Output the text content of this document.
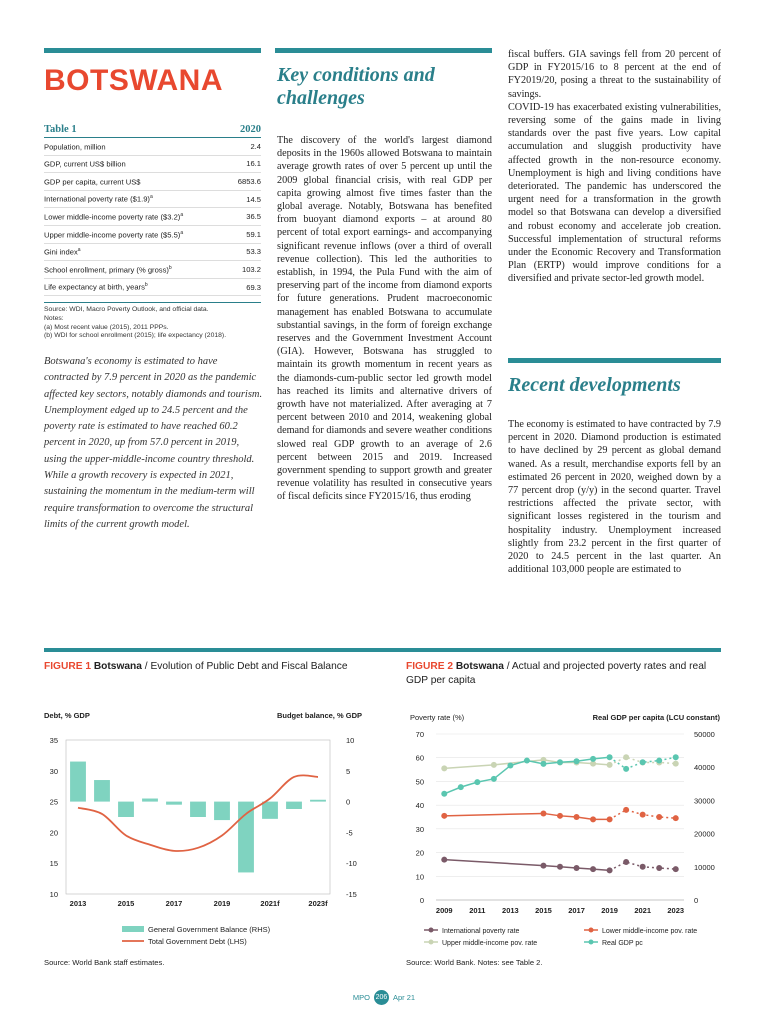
BOTSWANA
Table 1	2020
Population, million	2.4
GDP, current US$ billion	16.1
GDP per capita, current US$	6853.6
International poverty rate ($1.9)$^a$	14.5
Lower middle-income poverty rate ($3.2)$^a$	36.5
Upper middle-income poverty rate ($5.5)$^a$	59.1
Gini index$^a$	53.3
School enrollment, primary (% gross)$^b$	103.2
Life expectancy at birth, years$^b$	69.3
Source: WDI, Macro Poverty Outlook, and official data.
Notes:
(a) Most recent value (2015), 2011 PPPs.
(b) WDI for school enrollment (2015); life expectancy (2018).
Botswana's economy is estimated to have contracted by 7.9 percent in 2020 as the pandemic affected key sectors, notably diamonds and tourism. Unemployment edged up to 24.5 percent and the poverty rate is estimated to have reached 60.2 percent in 2020, up from 57.0 percent in 2019, using the upper-middle-income country threshold. While a growth recovery is expected in 2021, sustaining the momentum in the medium-term will require transformation to overcome the structural limits of the current growth model.
Key conditions and challenges

The discovery of the world's largest diamond deposits in the 1960s allowed Botswana to maintain average growth rates of over 5 percent up until the 2009 global financial crisis, with real GDP per capita growing almost five times faster than the global average. Notably, Botswana has benefited from buoyant diamond exports – at around 80 percent of total export earnings- and accompanying significant revenue inflows (over a third of overall revenue collection). This led the authorities to establish, in 1994, the Pula Fund with the aim of preserving part of the income from diamond exports for future generations. Prudent macroeconomic management has enabled Botswana to accumulate substantial savings, in the form of foreign exchange reserves and the Government Investment Account (GIA). However, Botswana has struggled to maintain its growth momentum in recent years as the diamonds-cum-public sector led growth model has reached its limits and alternative drivers of growth have not materialized. After averaging at 7 percent between 2010 and 2014, weakening global demand for diamonds and severe weather conditions slowed real GDP growth to an average of 2.6 percent between 2015 and 2019. Increased government spending to support growth and greater revenue volatility has resulted in consecutive years of fiscal deficits since FY2015/16, thus eroding

fiscal buffers. GIA savings fell from 20 percent of GDP in FY2015/16 to 8 percent at the end of FY2019/20, posing a threat to the sustainability of savings.

COVID-19 has exacerbated existing vulnerabilities, reversing some of the gains made in living standards over the past five years. Low capital accumulation and sluggish productivity have affected growth in the non-resource economy. Unemployment is high and living conditions have deteriorated. The pandemic has underscored the urgent need for a transformation in the growth model so that Botswana can develop a diversified and robust economy and accelerate job creation. Successful implementation of structural reforms under the Economic Recovery and Transformation Plan (ERTP) would improve conditions for a diversified and private sector-led growth model.

Recent developments

The economy is estimated to have contracted by 7.9 percent in 2020. Diamond production is estimated to have declined by 29 percent as global demand waned. As a result, merchandise exports fell by an estimated 26 percent in 2020, weighed down by a 77 percent drop (y/y) in the second quarter. Travel restrictions affected the private sector, with significant losses registered in the tourism and hospitality industry. Unemployment increased slightly from 23.2 percent in the first quarter of 2020 to 24.5 percent in the last quarter. An additional 103,000 people are estimated to

FIGURE 1 Botswana / Evolution of Public Debt and Fiscal Balance
Debt, % GDP	Budget balance, % GDP
10
15
20
25
30
35
-15
-10
-5
0
5
10
2013	2015	2017	2019	2021f	2023f
General Government Balance (RHS)
Total Government Debt (LHS)
Source: World Bank staff estimates.
FIGURE 2 Botswana / Actual and projected poverty rates and real GDP per capita
Poverty rate (%)	Real GDP per capita (LCU constant)
0
10
20
30
40
50
60
70
0
10000
20000
30000
40000
50000
2009 2011 2013 2015 2017 2019 2021 2023
International poverty rate	Lower middle-income pov. rate
Upper middle-income pov. rate	Real GDP pc
Source: World Bank. Notes: see Table 2.
MPO 206 Apr 21
